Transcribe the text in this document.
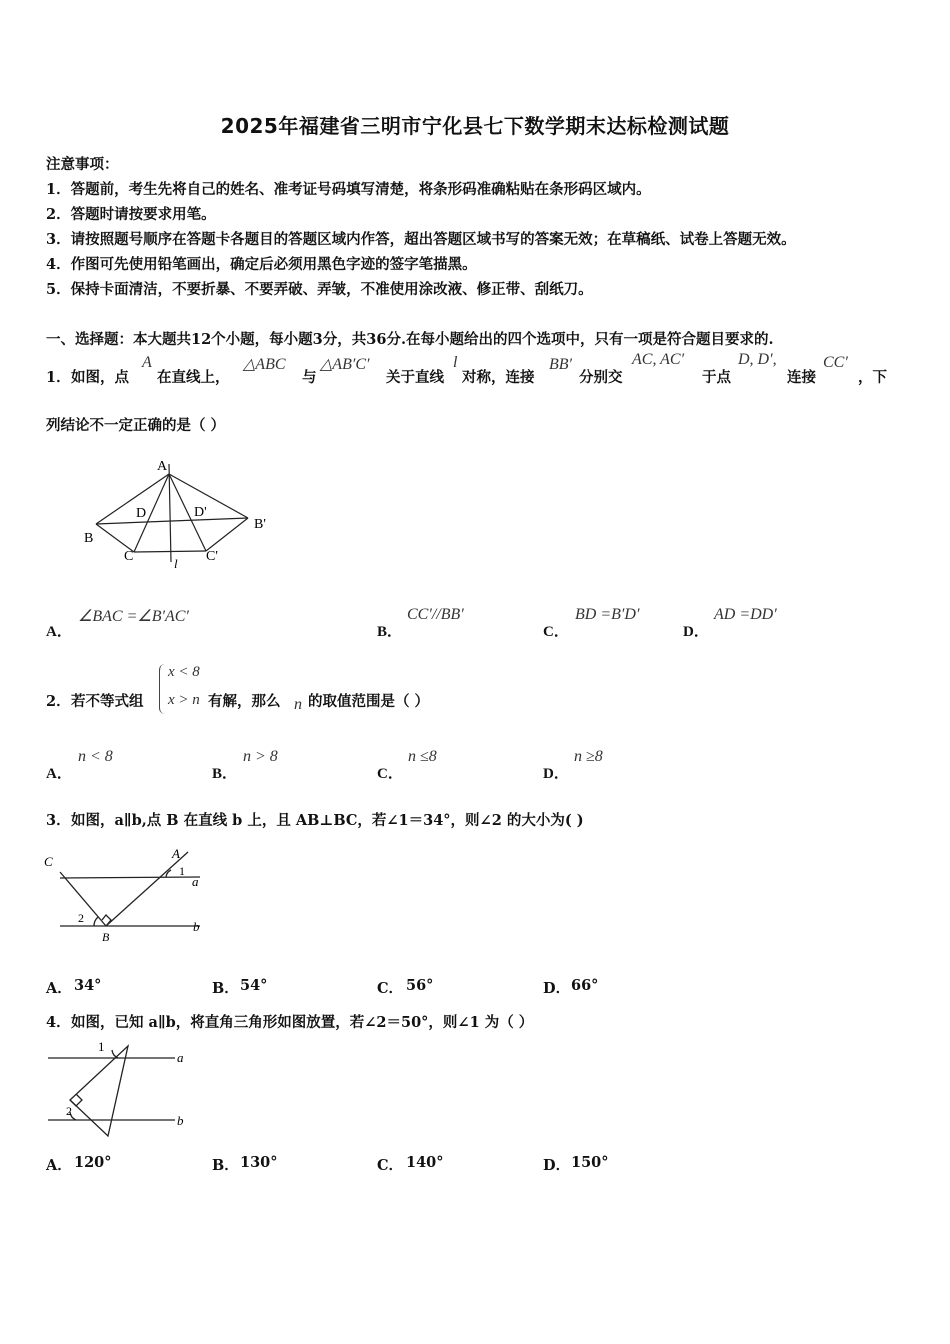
2025年福建省三明市宁化县七下数学期末达标检测试题
注意事项：
1．答题前，考生先将自己的姓名、准考证号码填写清楚，将条形码准确粘贴在条形码区域内。
2．答题时请按要求用笔。
3．请按照题号顺序在答题卡各题目的答题区域内作答，超出答题区域书写的答案无效；在草稿纸、试卷上答题无效。
4．作图可先使用铅笔画出，确定后必须用黑色字迹的签字笔描黑。
5．保持卡面清洁，不要折暴、不要弄破、弄皱，不准使用涂改液、修正带、刮纸刀。
一、选择题：本大题共12个小题，每小题3分，共36分.在每小题给出的四个选项中，只有一项是符合题目要求的.
1． 如图，点
A
在直线上，
△ABC
与
△AB′C′
关于直线
l
对称，连接
BB′
分别交
AC, AC′
于点
D, D′,
连接
CC′
，下
列结论不一定正确的是（ ）
A
D	D'
B'
B
C	C'
l
A．
∠BAC =∠B′AC′
B．
CC′//BB′
C．
BD =B′D′
D．
AD =DD′
2． 若不等式组
x < 8
x > n 有解，那么 n 的取值范围是（ ）
A．
n < 8
B．
n > 8
C．
n ≤8
D．
n ≥8
3． 如图，a∥b,点 B 在直线 b 上，且 AB⊥BC，若∠1＝34°，则∠2 的大小为( )
C
A
1
a
2
B
b
A． 34°	B． 54°	C． 56°	D． 66°
4． 如图，已知 a∥b，将直角三角形如图放置，若∠2＝50°，则∠1 为（ ）
1
a
2
b
A． 120°	B． 130°	C． 140°	D． 150°
